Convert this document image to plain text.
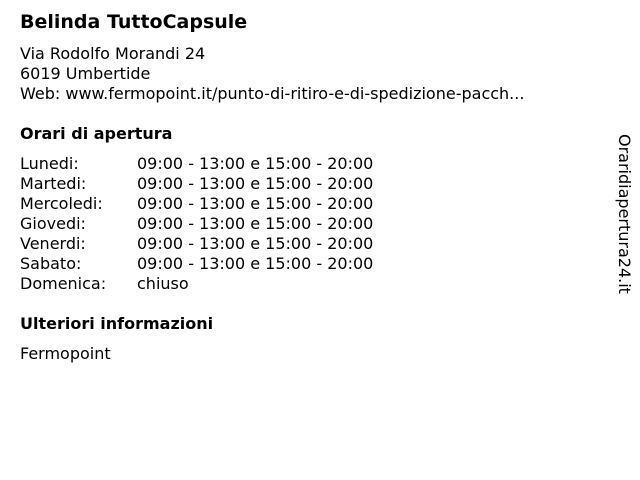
Belinda TuttoCapsule
Via Rodolfo Morandi 24
6019 Umbertide
Web: www.fermopoint.it/punto-di-ritiro-e-di-spedizione-pacch...
Orari di apertura
Lunedi:	09:00 - 13:00 e 15:00 - 20:00
Martedi:	09:00 - 13:00 e 15:00 - 20:00
Mercoledi: 09:00 - 13:00 e 15:00 - 20:00
Giovedi:	09:00 - 13:00 e 15:00 - 20:00
Venerdi:	09:00 - 13:00 e 15:00 - 20:00
Sabato:	09:00 - 13:00 e 15:00 - 20:00
Domenica: chiuso
Ulteriori informazioni
Fermopoint
Oraridiapertura24.it
